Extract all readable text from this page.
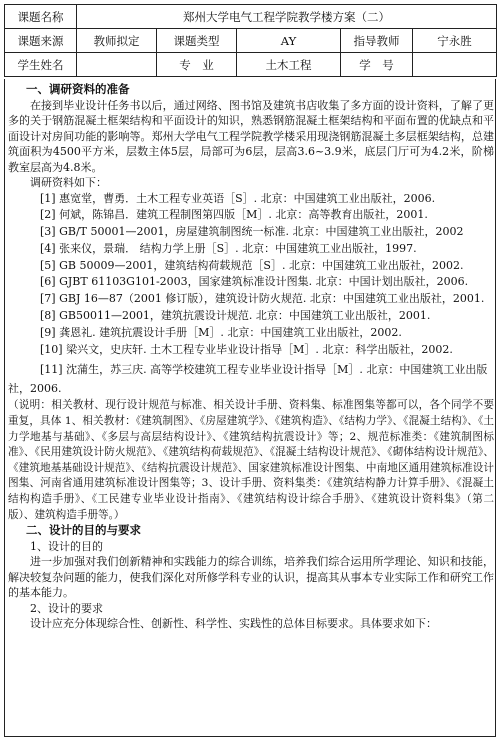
课题名称	郑州大学电气工程学院教学楼方案（二）				
课题来源	教师拟定	课题类型	AY	指导教师	宁永胜
学生姓名		专　业	土木工程	学　号	

一、调研资料的准备

在接到毕业设计任务书以后，通过网络、图书馆及建筑书店收集了多方面的设计资料，了解了更多的关于钢筋混凝土框架结构和平面设计的知识，熟悉钢筋混凝土框架结构和平面布置的优缺点和平面设计对房间功能的影响等。郑州大学电气工程学院教学楼采用现浇钢筋混凝土多层框架结构，总建筑面积为4500平方米，层数主体5层，局部可为6层，层高3.6~3.9米，底层门厅可为4.2米，阶梯教室层高为4.8米。

调研资料如下：

[1] 惠宽堂，曹勇．土木工程专业英语［S］. 北京：中国建筑工业出版社，2006.
[2] 何斌，陈锦昌．建筑工程制图第四版［M］. 北京：高等教育出版社，2001.
[3] GB/T 50001—2001，房屋建筑制图统一标准. 北京：中国建筑工业出版社，2002
[4] 张来仪，景瑞． 结构力学上册［S］. 北京：中国建筑工业出版社，1997.
[5] GB 50009—2001，建筑结构荷载规范［S］. 北京：中国建筑工业出版社，2002.
[6] GJBT 61103G101-2003，国家建筑标准设计图集. 北京：中国计划出版社，2006.
[7] GBJ 16—87（2001 修订版），建筑设计防火规范. 北京：中国建筑工业出版社，2001.
[8] GB50011—2001，建筑抗震设计规范. 北京：中国建筑工业出版社，2001.
[9] 龚恩礼. 建筑抗震设计手册［M］. 北京：中国建筑工业出版社，2002.
[10] 梁兴文，史庆轩. 土木工程专业毕业设计指导［M］. 北京：科学出版社，2002.
[11] 沈蒲生，苏三庆. 高等学校建筑工程专业毕业设计指导［M］. 北京：中国建筑工业出版社，2006.

（说明：相关教材、现行设计规范与标准、相关设计手册、资料集、标准图集等都可以，各个同学不要重复，具体 1、相关教材：《建筑制图》、《房屋建筑学》、《建筑构造》、《结构力学》、《混凝土结构》、《土力学地基与基础》、《多层与高层结构设计》、《建筑结构抗震设计》等；2、规范标准类：《建筑制图标准》、《民用建筑设计防火规范》、《建筑结构荷载规范》、《混凝土结构设计规范》、《砌体结构设计规范》、《建筑地基基础设计规范》、《结构抗震设计规范》、国家建筑标准设计图集、中南地区通用建筑标准设计图集、河南省通用建筑标准设计图集等；3、设计手册、资料集类：《建筑结构静力计算手册》、《混凝土结构构造手册》、《工民建专业毕业设计指南》、《建筑结构设计综合手册》、《建筑设计资料集》（第二版）、建筑构造手册等。）

二、设计的目的与要求

1、设计的目的

进一步加强对我们创新精神和实践能力的综合训练，培养我们综合运用所学理论、知识和技能，解决较复杂问题的能力，使我们深化对所修学科专业的认识，提高其从事本专业实际工作和研究工作的基本能力。

2、设计的要求

设计应充分体现综合性、创新性、科学性、实践性的总体目标要求。具体要求如下：
